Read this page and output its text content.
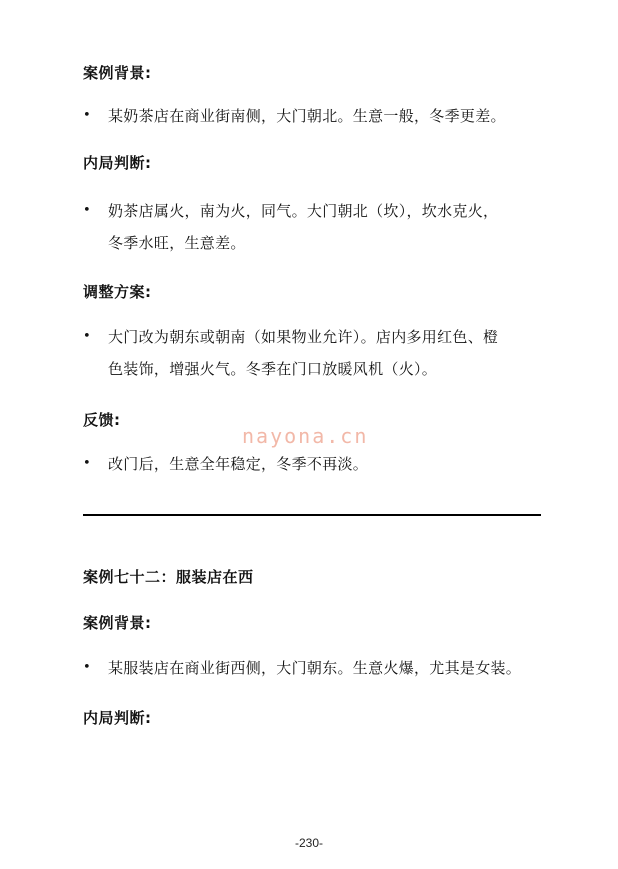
案例背景:
• 某奶茶店在商业街南侧，大门朝北。生意一般，冬季更差。
内局判断:
• 奶茶店属火，南为火，同气。大门朝北（坎），坎水克火，
冬季水旺，生意差。
调整方案:
• 大门改为朝东或朝南（如果物业允许）。店内多用红色、橙
色装饰，增强火气。冬季在门口放暖风机（火）。
反馈:
• 改门后，生意全年稳定，冬季不再淡。
nayona.cn
案例七十二：服装店在西
案例背景:
• 某服装店在商业街西侧，大门朝东。生意火爆，尤其是女装。
内局判断:
-230-
